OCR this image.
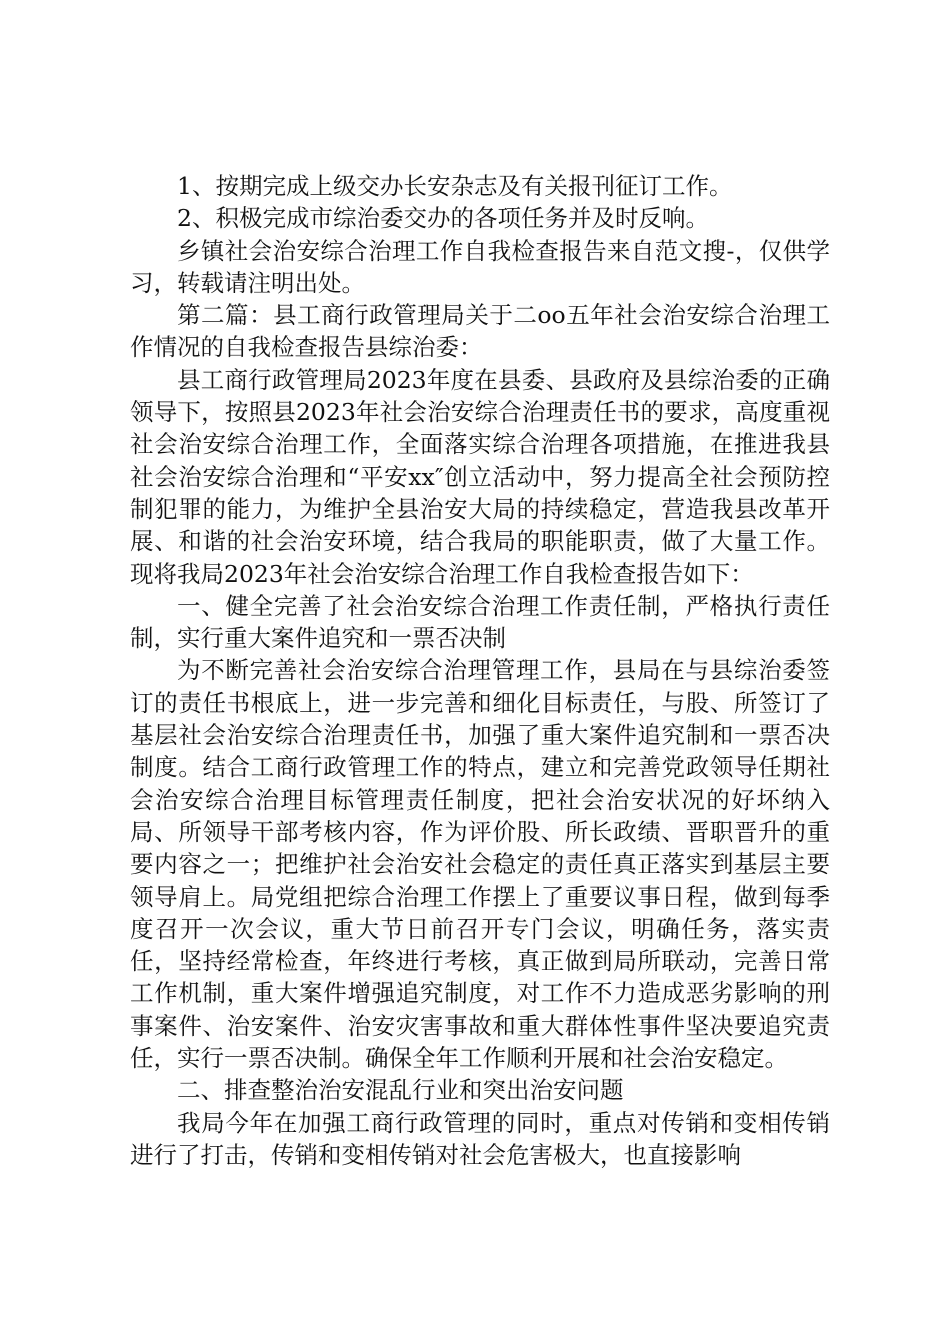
1、按期完成上级交办长安杂志及有关报刊征订工作。

2、积极完成市综治委交办的各项任务并及时反响。

乡镇社会治安综合治理工作自我检查报告来自范文搜-，仅供学习，转载请注明出处。

第二篇：县工商行政管理局关于二oo五年社会治安综合治理工作情况的自我检查报告县综治委：

县工商行政管理局2023年度在县委、县政府及县综治委的正确领导下，按照县2023年社会治安综合治理责任书的要求，高度重视社会治安综合治理工作，全面落实综合治理各项措施，在推进我县社会治安综合治理和“平安xx″创立活动中，努力提高全社会预防控制犯罪的能力，为维护全县治安大局的持续稳定，营造我县改革开展、和谐的社会治安环境，结合我局的职能职责，做了大量工作。现将我局2023年社会治安综合治理工作自我检查报告如下：

一、健全完善了社会治安综合治理工作责任制，严格执行责任制，实行重大案件追究和一票否决制

为不断完善社会治安综合治理管理工作，县局在与县综治委签订的责任书根底上，进一步完善和细化目标责任，与股、所签订了基层社会治安综合治理责任书，加强了重大案件追究制和一票否决制度。结合工商行政管理工作的特点，建立和完善党政领导任期社会治安综合治理目标管理责任制度，把社会治安状况的好坏纳入局、所领导干部考核内容，作为评价股、所长政绩、晋职晋升的重要内容之一；把维护社会治安社会稳定的责任真正落实到基层主要领导肩上。局党组把综合治理工作摆上了重要议事日程，做到每季度召开一次会议，重大节日前召开专门会议，明确任务，落实责任，坚持经常检查，年终进行考核，真正做到局所联动，完善日常工作机制，重大案件增强追究制度，对工作不力造成恶劣影响的刑事案件、治安案件、治安灾害事故和重大群体性事件坚决要追究责任，实行一票否决制。确保全年工作顺利开展和社会治安稳定。

二、排查整治治安混乱行业和突出治安问题

我局今年在加强工商行政管理的同时，重点对传销和变相传销进行了打击，传销和变相传销对社会危害极大，也直接影响
